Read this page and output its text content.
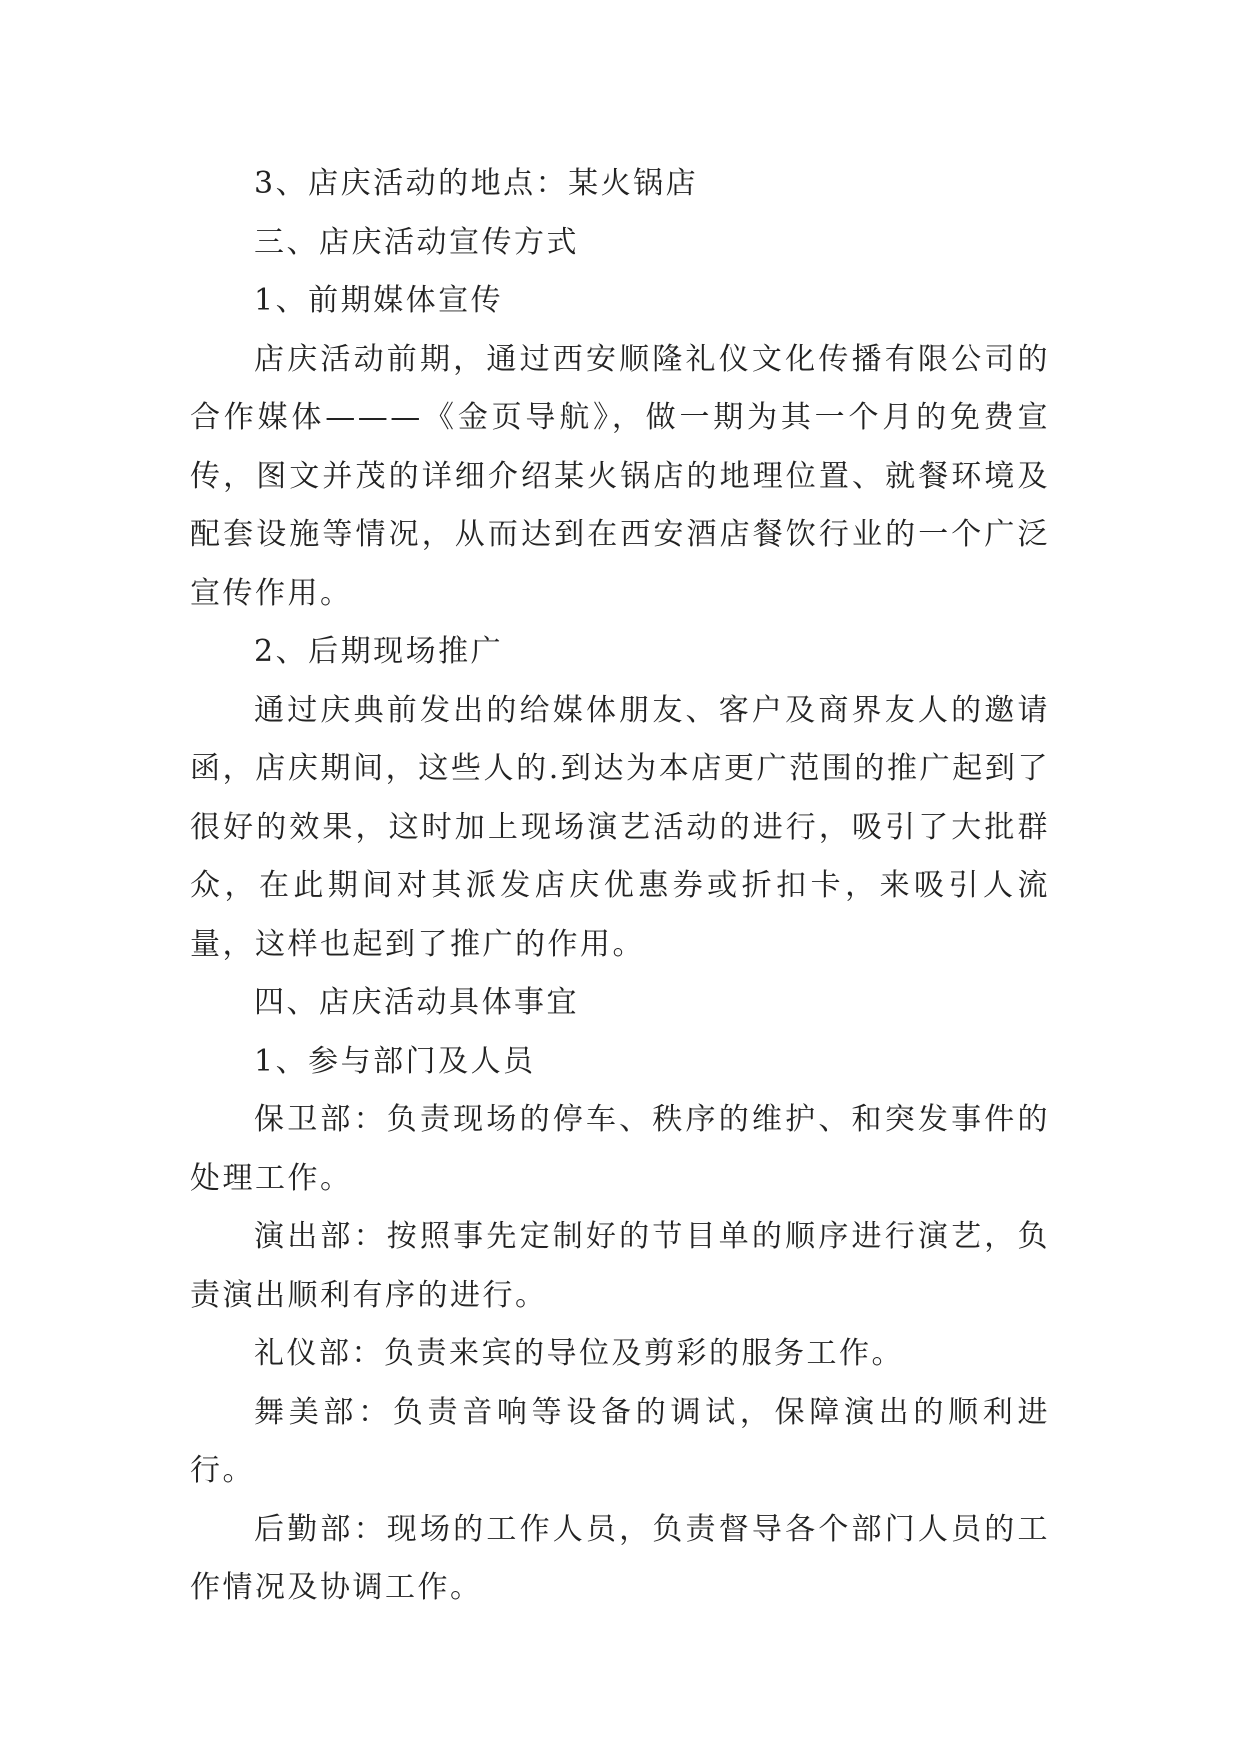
3、店庆活动的地点：某火锅店

三、店庆活动宣传方式

1、前期媒体宣传

店庆活动前期，通过西安顺隆礼仪文化传播有限公司的合作媒体———《金页导航》，做一期为其一个月的免费宣传，图文并茂的详细介绍某火锅店的地理位置、就餐环境及配套设施等情况，从而达到在西安酒店餐饮行业的一个广泛宣传作用。

2、后期现场推广

通过庆典前发出的给媒体朋友、客户及商界友人的邀请函，店庆期间，这些人的.到达为本店更广范围的推广起到了很好的效果，这时加上现场演艺活动的进行，吸引了大批群众，在此期间对其派发店庆优惠券或折扣卡，来吸引人流量，这样也起到了推广的作用。

四、店庆活动具体事宜

1、参与部门及人员

保卫部：负责现场的停车、秩序的维护、和突发事件的处理工作。

演出部：按照事先定制好的节目单的顺序进行演艺，负责演出顺利有序的进行。

礼仪部：负责来宾的导位及剪彩的服务工作。

舞美部：负责音响等设备的调试，保障演出的顺利进行。

后勤部：现场的工作人员，负责督导各个部门人员的工作情况及协调工作。
